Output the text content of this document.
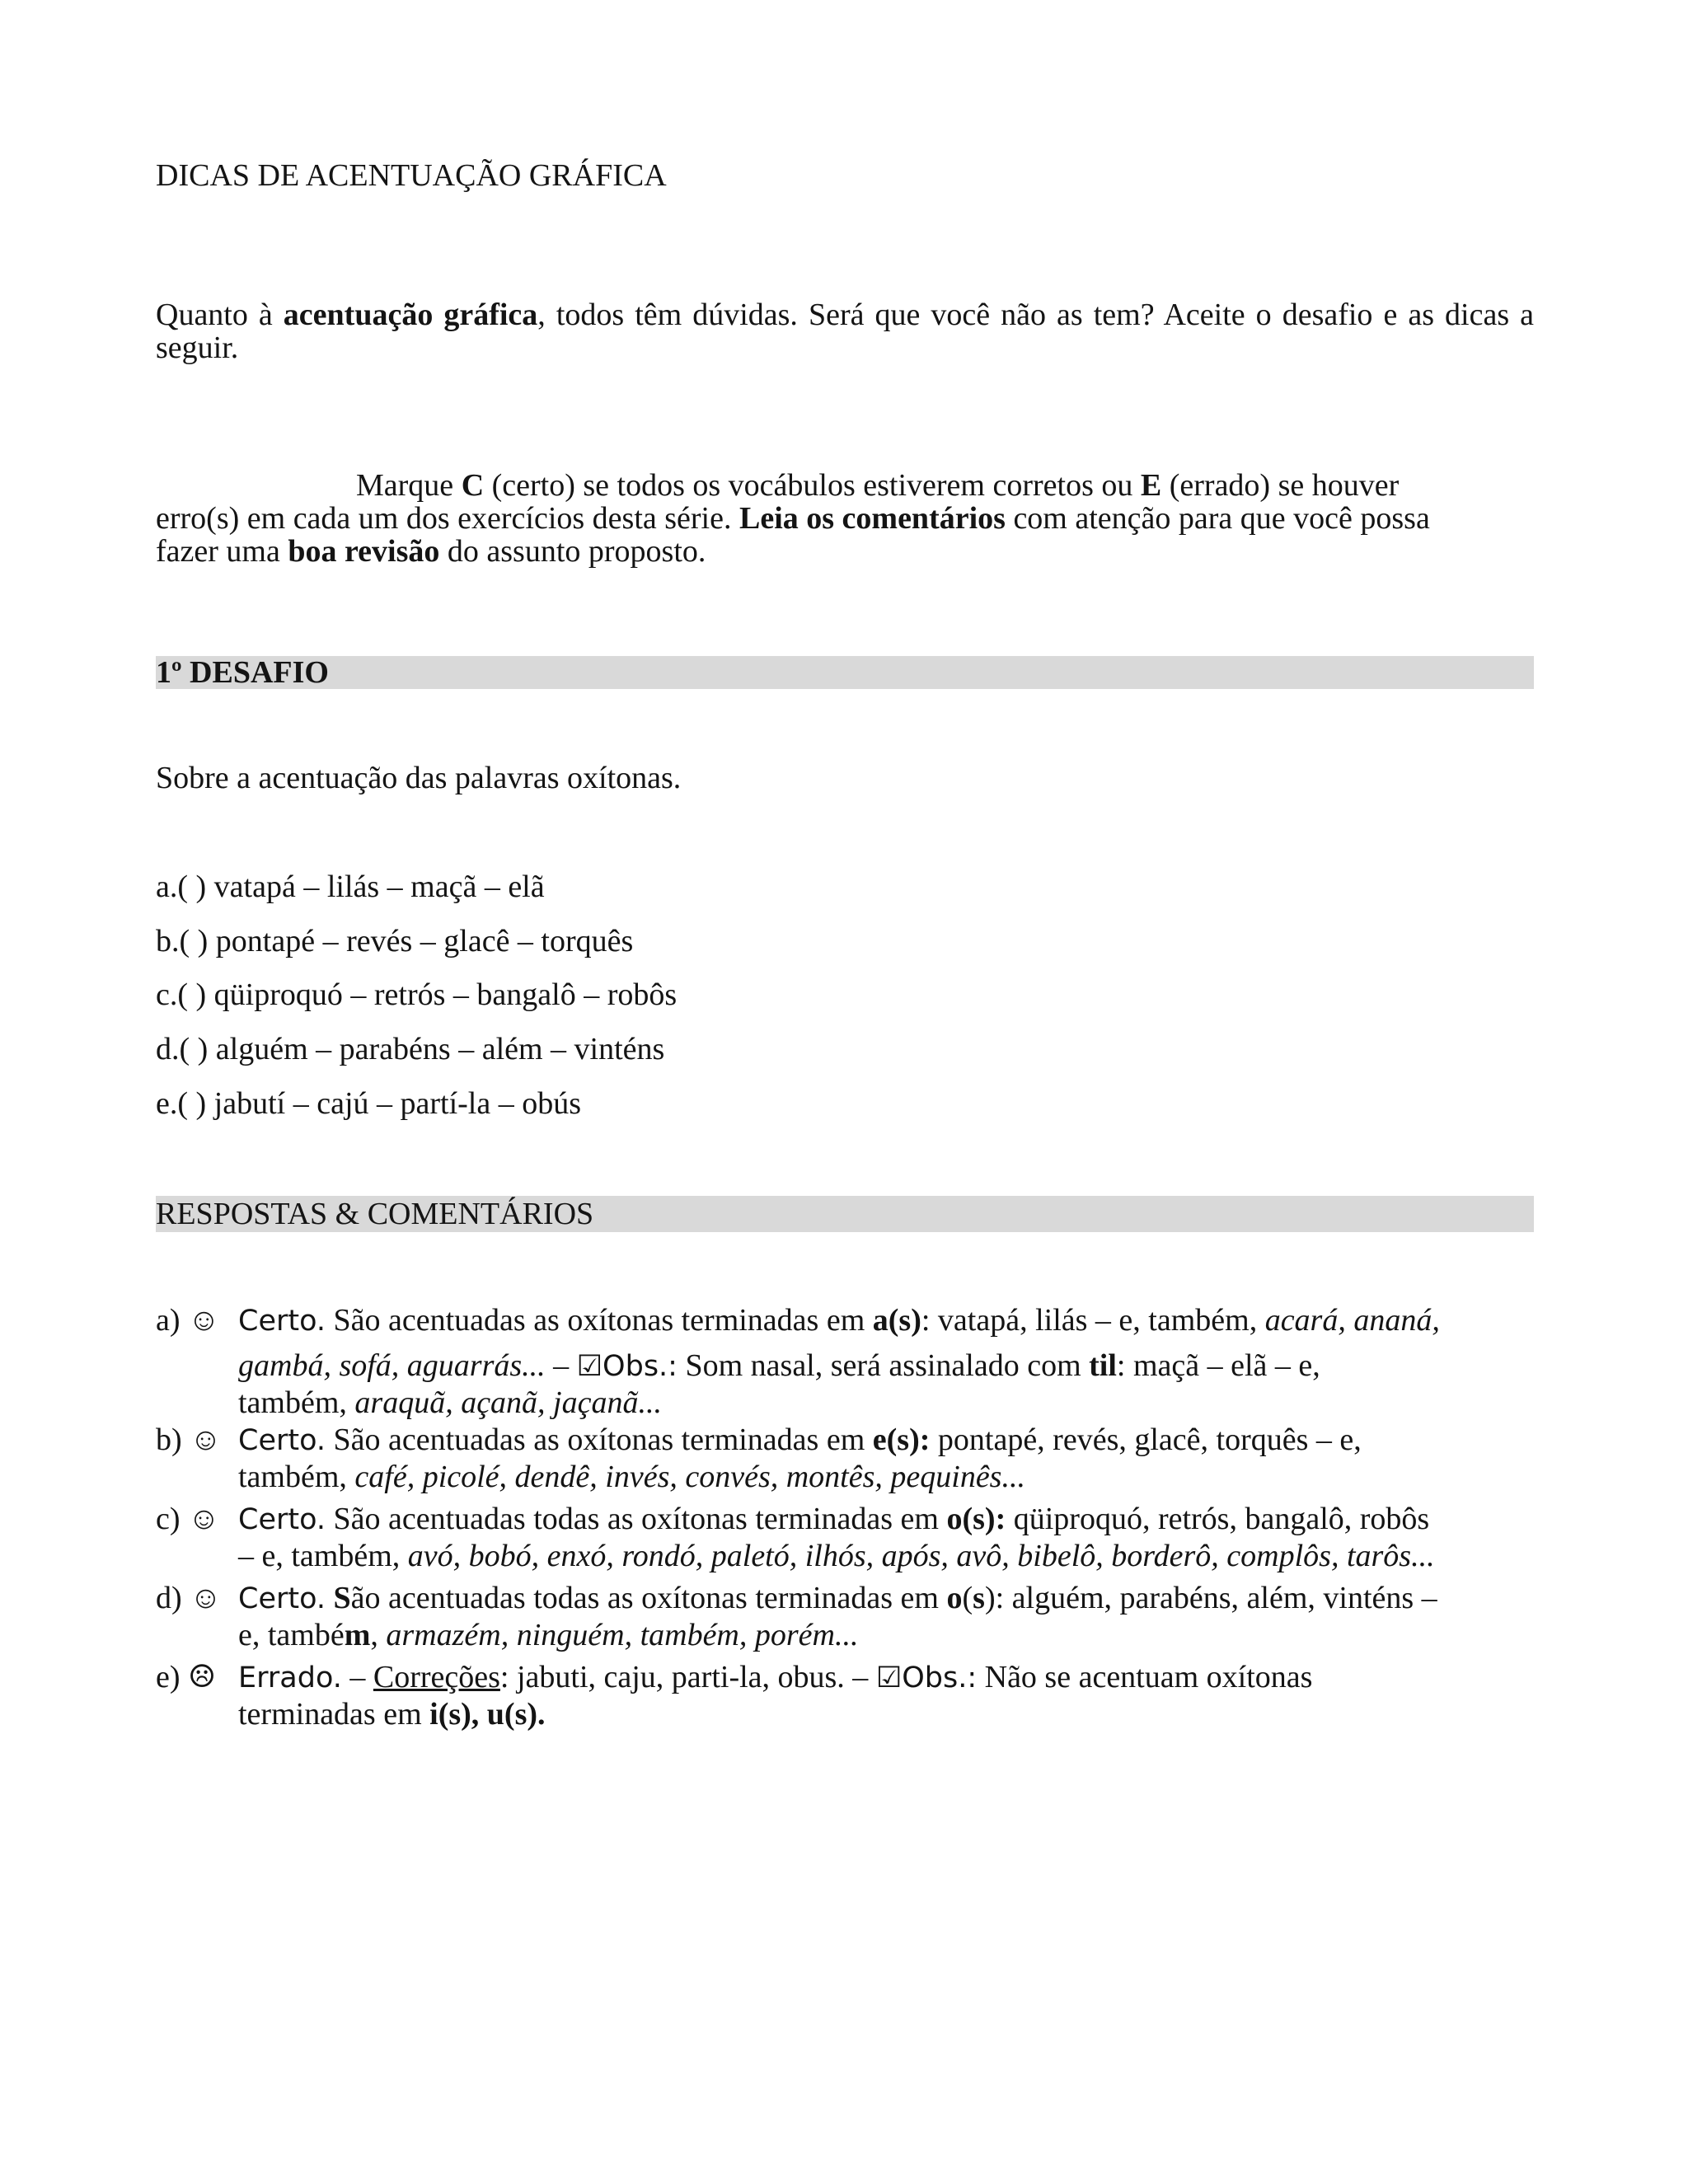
DICAS DE ACENTUAÇÃO GRÁFICA
Quanto à acentuação gráfica, todos têm dúvidas. Será que você não as tem? Aceite o desafio e as dicas a seguir.
Marque C (certo) se todos os vocábulos estiverem corretos ou E (errado) se houver
erro(s) em cada um dos exercícios desta série. Leia os comentários com atenção para que você possa
fazer uma boa revisão do assunto proposto.
1º DESAFIO
Sobre a acentuação das palavras oxítonas.
a.( ) vatapá – lilás – maçã – elã
b.( ) pontapé – revés – glacê – torquês
c.( ) qüiproquó – retrós – bangalô – robôs
d.( ) alguém – parabéns – além – vinténs
e.( ) jabutí – cajú – partí-la – obús
RESPOSTAS & COMENTÁRIOS
a) ☺ Certo. São acentuadas as oxítonas terminadas em a(s): vatapá, lilás – e, também, acará, ananá,
gambá, sofá, aguarrás... – ☑Obs.: Som nasal, será assinalado com til: maçã – elã – e,
também, araquã, açanã, jaçanã...
b) ☺ Certo. São acentuadas as oxítonas terminadas em e(s): pontapé, revés, glacê, torquês – e,
também, café, picolé, dendê, invés, convés, montês, pequinês...
c) ☺ Certo. São acentuadas todas as oxítonas terminadas em o(s): qüiproquó, retrós, bangalô, robôs
– e, também, avó, bobó, enxó, rondó, paletó, ilhós, após, avô, bibelô, borderô, complôs, tarôs...
d) ☺ Certo. São acentuadas todas as oxítonas terminadas em o(s): alguém, parabéns, além, vinténs –
e, também, armazém, ninguém, também, porém...
e) ☹ Errado. – Correções: jabuti, caju, parti-la, obus. – ☑Obs.: Não se acentuam oxítonas
terminadas em i(s), u(s).
